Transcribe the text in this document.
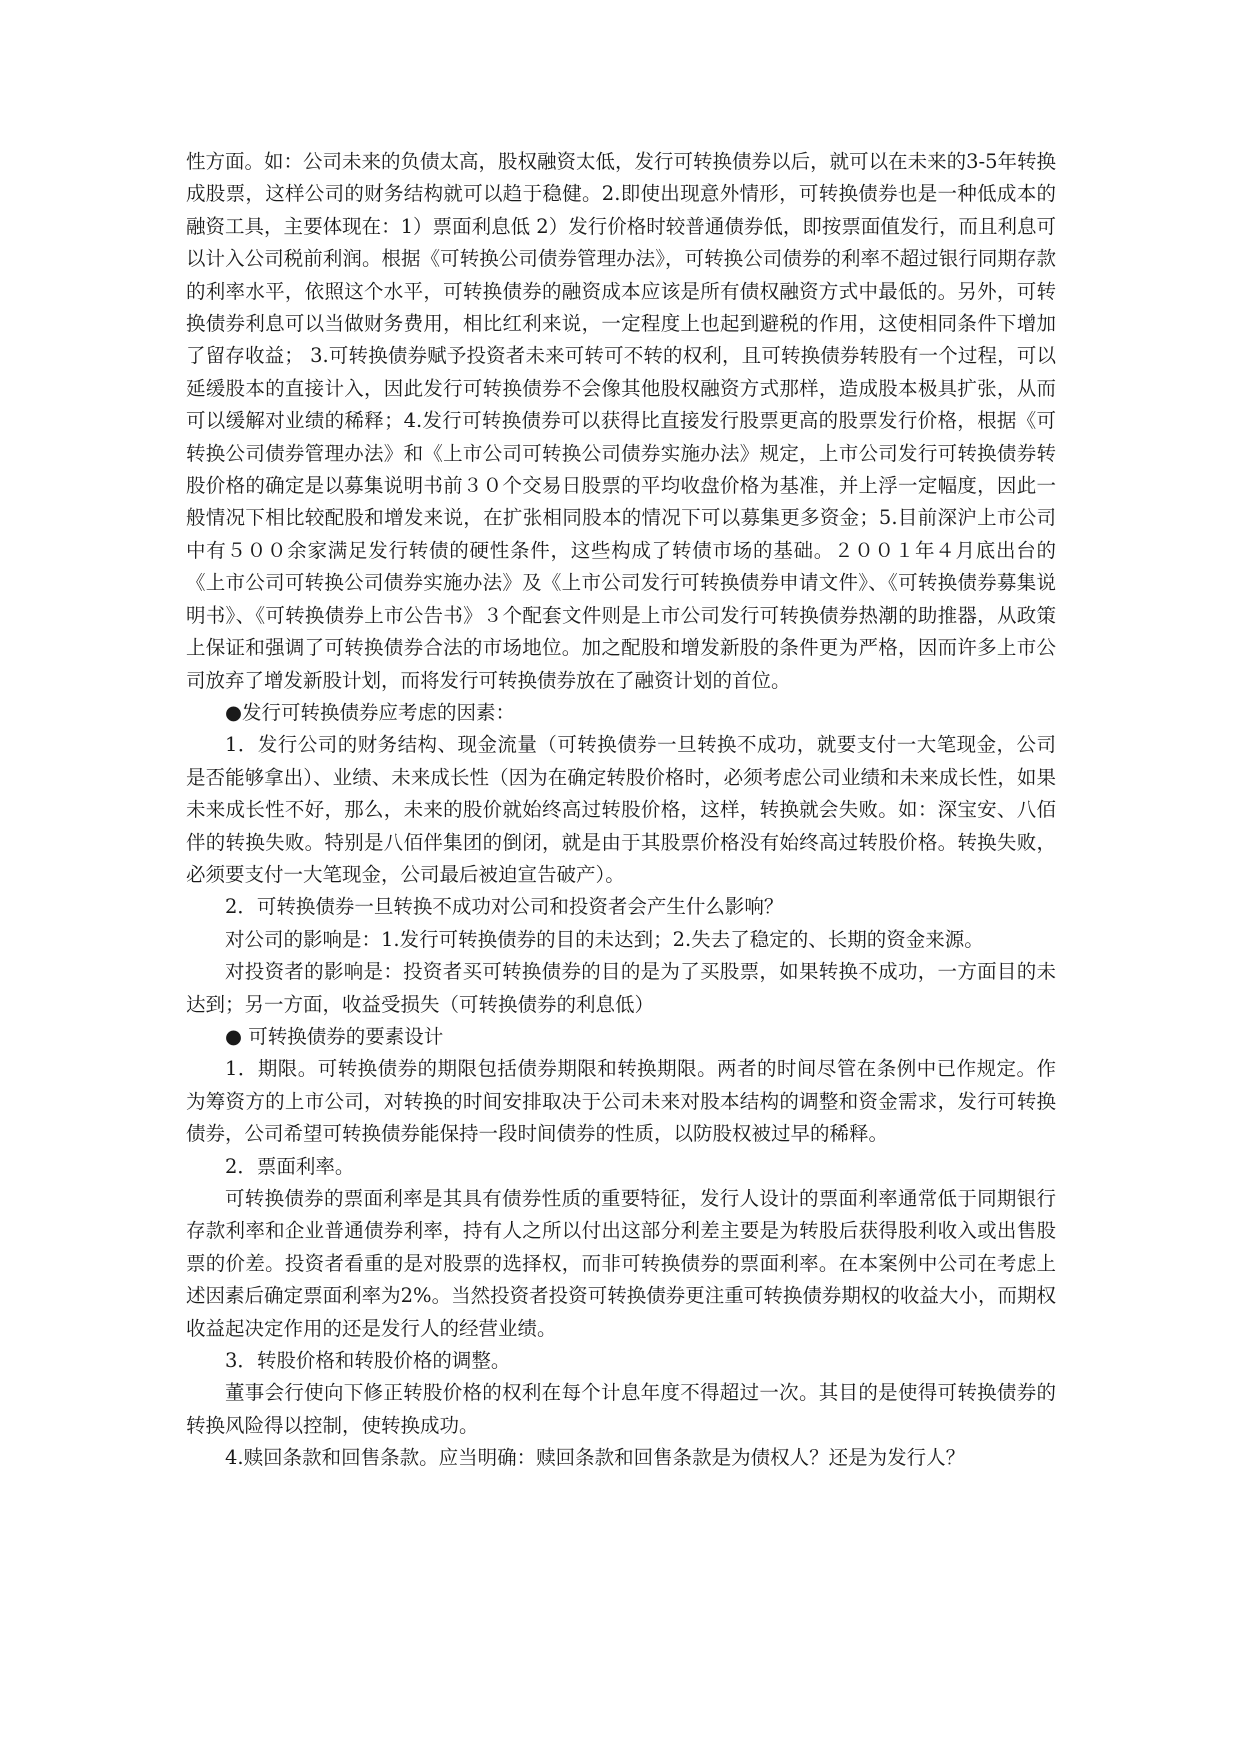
性方面。如：公司未来的负债太高，股权融资太低，发行可转换债券以后，就可以在未来的3-5年转换成股票，这样公司的财务结构就可以趋于稳健。2.即使出现意外情形，可转换债券也是一种低成本的融资工具，主要体现在：1）票面利息低 2）发行价格时较普通债券低，即按票面值发行，而且利息可以计入公司税前利润。根据《可转换公司债券管理办法》，可转换公司债券的利率不超过银行同期存款的利率水平，依照这个水平，可转换债券的融资成本应该是所有债权融资方式中最低的。另外，可转换债券利息可以当做财务费用，相比红利来说，一定程度上也起到避税的作用，这使相同条件下增加了留存收益； 3.可转换债券赋予投资者未来可转可不转的权利，且可转换债券转股有一个过程，可以延缓股本的直接计入，因此发行可转换债券不会像其他股权融资方式那样，造成股本极具扩张，从而可以缓解对业绩的稀释；4.发行可转换债券可以获得比直接发行股票更高的股票发行价格，根据《可转换公司债券管理办法》和《上市公司可转换公司债券实施办法》规定，上市公司发行可转换债券转股价格的确定是以募集说明书前３０个交易日股票的平均收盘价格为基准，并上浮一定幅度，因此一般情况下相比较配股和增发来说，在扩张相同股本的情况下可以募集更多资金；5.目前深沪上市公司中有５００余家满足发行转债的硬性条件，这些构成了转债市场的基础。２００１年４月底出台的《上市公司可转换公司债券实施办法》及《上市公司发行可转换债券申请文件》、《可转换债券募集说明书》、《可转换债券上市公告书》３个配套文件则是上市公司发行可转换债券热潮的助推器，从政策上保证和强调了可转换债券合法的市场地位。加之配股和增发新股的条件更为严格，因而许多上市公司放弃了增发新股计划，而将发行可转换债券放在了融资计划的首位。

●发行可转换债券应考虑的因素：

1．发行公司的财务结构、现金流量（可转换债券一旦转换不成功，就要支付一大笔现金，公司是否能够拿出）、业绩、未来成长性（因为在确定转股价格时，必须考虑公司业绩和未来成长性，如果未来成长性不好，那么，未来的股价就始终高过转股价格，这样，转换就会失败。如：深宝安、八佰伴的转换失败。特别是八佰伴集团的倒闭，就是由于其股票价格没有始终高过转股价格。转换失败，必须要支付一大笔现金，公司最后被迫宣告破产）。

2．可转换债券一旦转换不成功对公司和投资者会产生什么影响？

对公司的影响是：1.发行可转换债券的目的未达到；2.失去了稳定的、长期的资金来源。

对投资者的影响是：投资者买可转换债券的目的是为了买股票，如果转换不成功，一方面目的未达到；另一方面，收益受损失（可转换债券的利息低）

● 可转换债券的要素设计

1．期限。可转换债券的期限包括债券期限和转换期限。两者的时间尽管在条例中已作规定。作为筹资方的上市公司，对转换的时间安排取决于公司未来对股本结构的调整和资金需求，发行可转换债券，公司希望可转换债券能保持一段时间债券的性质，以防股权被过早的稀释。

2．票面利率。

可转换债券的票面利率是其具有债券性质的重要特征，发行人设计的票面利率通常低于同期银行存款利率和企业普通债券利率，持有人之所以付出这部分利差主要是为转股后获得股利收入或出售股票的价差。投资者看重的是对股票的选择权，而非可转换债券的票面利率。在本案例中公司在考虑上述因素后确定票面利率为2%。当然投资者投资可转换债券更注重可转换债券期权的收益大小，而期权收益起决定作用的还是发行人的经营业绩。

3．转股价格和转股价格的调整。

董事会行使向下修正转股价格的权利在每个计息年度不得超过一次。其目的是使得可转换债券的转换风险得以控制，使转换成功。

4.赎回条款和回售条款。应当明确：赎回条款和回售条款是为债权人？还是为发行人？
